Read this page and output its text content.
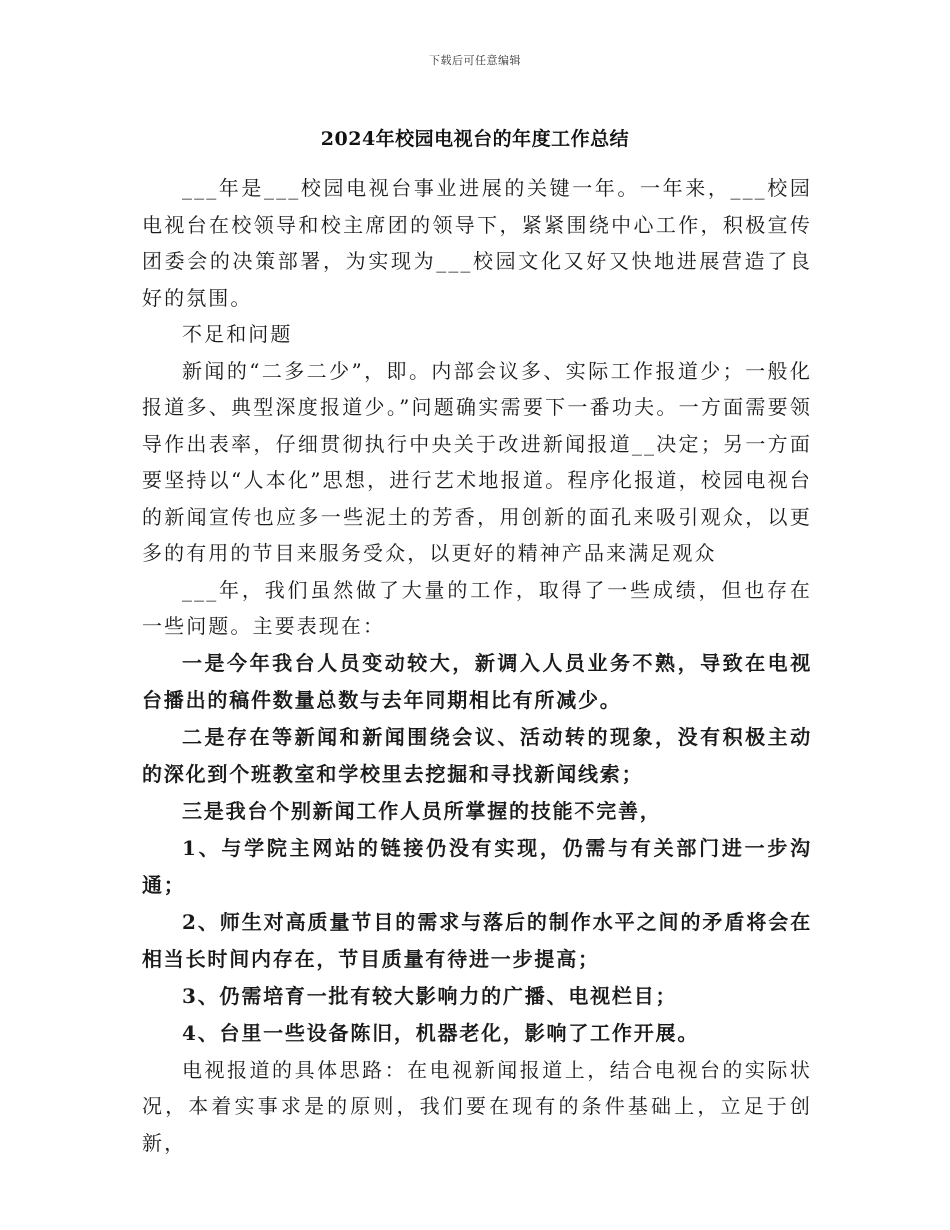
下载后可任意编辑
2024年校园电视台的年度工作总结

___年是___校园电视台事业进展的关键一年。一年来，___校园电视台在校领导和校主席团的领导下，紧紧围绕中心工作，积极宣传团委会的决策部署，为实现为___校园文化又好又快地进展营造了良好的氛围。

不足和问题

新闻的“二多二少”，即。内部会议多、实际工作报道少；一般化报道多、典型深度报道少。”问题确实需要下一番功夫。一方面需要领导作出表率，仔细贯彻执行中央关于改进新闻报道__决定；另一方面要坚持以“人本化”思想，进行艺术地报道。程序化报道，校园电视台的新闻宣传也应多一些泥土的芳香，用创新的面孔来吸引观众，以更多的有用的节目来服务受众，以更好的精神产品来满足观众

___年，我们虽然做了大量的工作，取得了一些成绩，但也存在一些问题。主要表现在：

一是今年我台人员变动较大，新调入人员业务不熟，导致在电视台播出的稿件数量总数与去年同期相比有所减少。

二是存在等新闻和新闻围绕会议、活动转的现象，没有积极主动的深化到个班教室和学校里去挖掘和寻找新闻线索；

三是我台个别新闻工作人员所掌握的技能不完善，

1、与学院主网站的链接仍没有实现，仍需与有关部门进一步沟通；

2、师生对高质量节目的需求与落后的制作水平之间的矛盾将会在相当长时间内存在，节目质量有待进一步提高；

3、仍需培育一批有较大影响力的广播、电视栏目；

4、台里一些设备陈旧，机器老化，影响了工作开展。

电视报道的具体思路：在电视新闻报道上，结合电视台的实际状况，本着实事求是的原则，我们要在现有的条件基础上，立足于创新，
